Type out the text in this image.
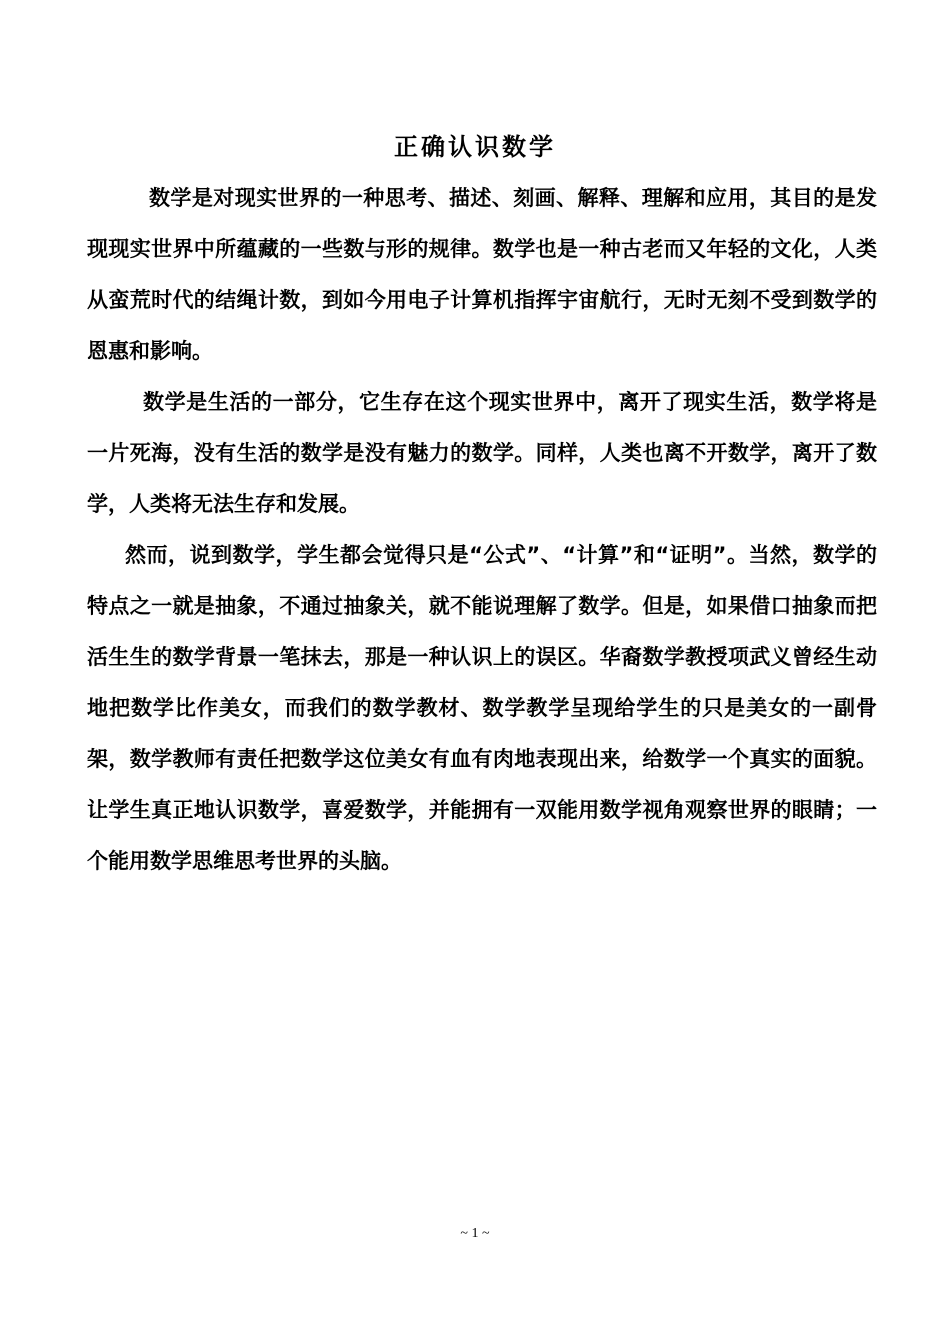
正确认识数学

数学是对现实世界的一种思考、描述、刻画、解释、理解和应用，其目的是发现现实世界中所蕴藏的一些数与形的规律。数学也是一种古老而又年轻的文化，人类从蛮荒时代的结绳计数，到如今用电子计算机指挥宇宙航行，无时无刻不受到数学的恩惠和影响。

数学是生活的一部分，它生存在这个现实世界中，离开了现实生活，数学将是一片死海，没有生活的数学是没有魅力的数学。同样，人类也离不开数学，离开了数学，人类将无法生存和发展。

然而，说到数学，学生都会觉得只是“公式”、“计算”和“证明”。当然，数学的特点之一就是抽象，不通过抽象关，就不能说理解了数学。但是，如果借口抽象而把活生生的数学背景一笔抹去，那是一种认识上的误区。华裔数学教授项武义曾经生动地把数学比作美女，而我们的数学教材、数学教学呈现给学生的只是美女的一副骨架，数学教师有责任把数学这位美女有血有肉地表现出来，给数学一个真实的面貌。让学生真正地认识数学，喜爱数学，并能拥有一双能用数学视角观察世界的眼睛；一个能用数学思维思考世界的头脑。

~ 1 ~
